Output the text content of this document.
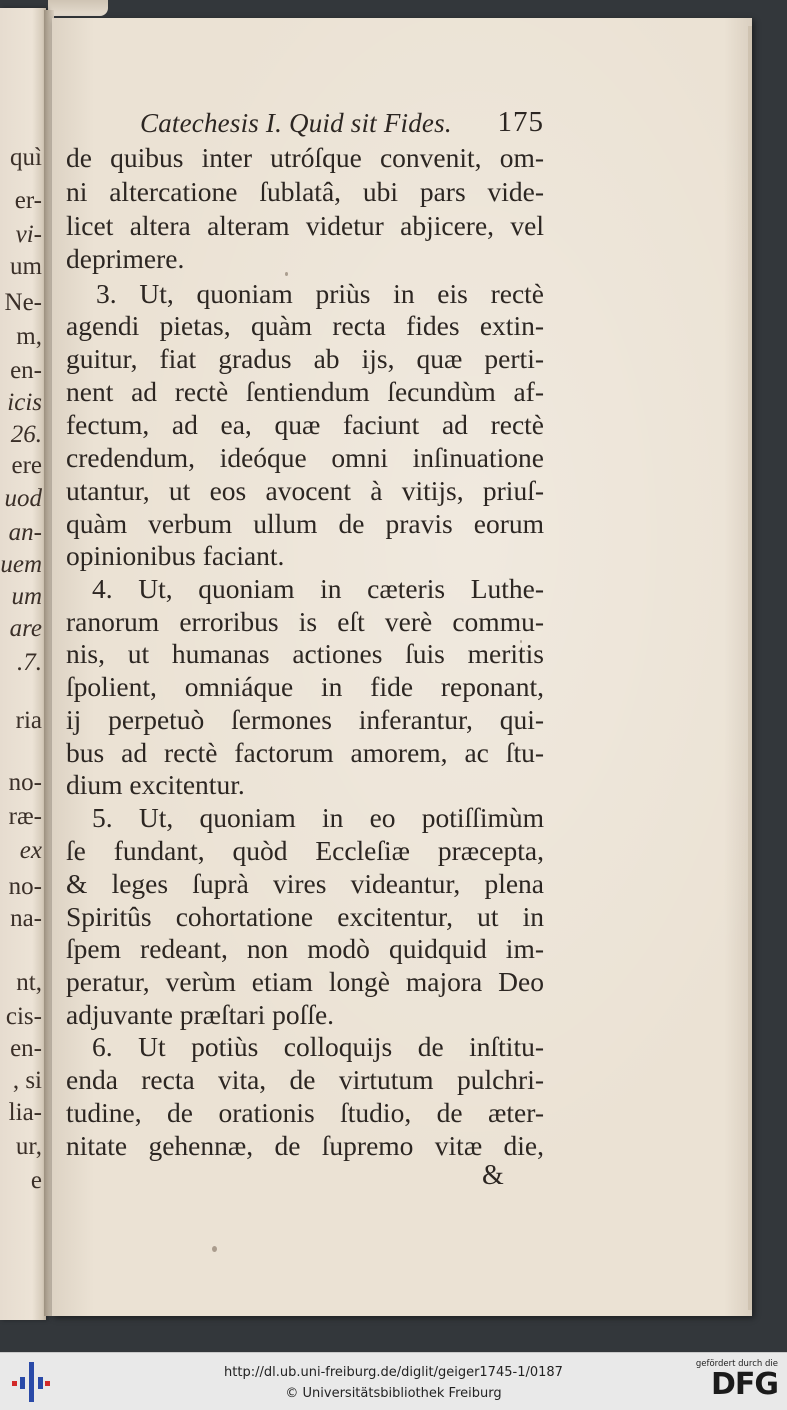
quì
er-
vi-
um
Ne-
m,
en-
icis
26.
ere
uod
an-
uem
um
are
.7.
ria
no-
ræ-
ex
no-
na-
nt,
cis-
en-
, si
lia-
ur,
e
Catechesis I. Quid sit Fides. 175
de quibus inter utróſque convenit, om-
ni altercatione ſublatâ, ubi pars vide-
licet altera alteram videtur abjicere, vel
deprimere.
3. Ut, quoniam priùs in eis rectè
agendi pietas, quàm recta fides extin-
guitur, fiat gradus ab ijs, quæ perti-
nent ad rectè ſentiendum ſecundùm af-
fectum, ad ea, quæ faciunt ad rectè
credendum, ideóque omni inſinuatione
utantur, ut eos avocent à vitijs, priuſ-
quàm verbum ullum de pravis eorum
opinionibus faciant.
4. Ut, quoniam in cæteris Luthe-
ranorum erroribus is eſt verè commu-
nis, ut humanas actiones ſuis meritis
ſpolient, omniáque in fide reponant,
ij perpetuò ſermones inferantur, qui-
bus ad rectè factorum amorem, ac ſtu-
dium excitentur.
5. Ut, quoniam in eo potiſſimùm
ſe fundant, quòd Eccleſiæ præcepta,
& leges ſuprà vires videantur, plena
Spiritûs cohortatione excitentur, ut in
ſpem redeant, non modò quidquid im-
peratur, verùm etiam longè majora Deo
adjuvante præſtari poſſe.
6. Ut potiùs colloquijs de inſtitu-
enda recta vita, de virtutum pulchri-
tudine, de orationis ſtudio, de æter-
nitate gehennæ, de ſupremo vitæ die,
&
http://dl.ub.uni-freiburg.de/diglit/geiger1745-1/0187
© Universitätsbibliothek Freiburg
gefördert durch die
DFG
